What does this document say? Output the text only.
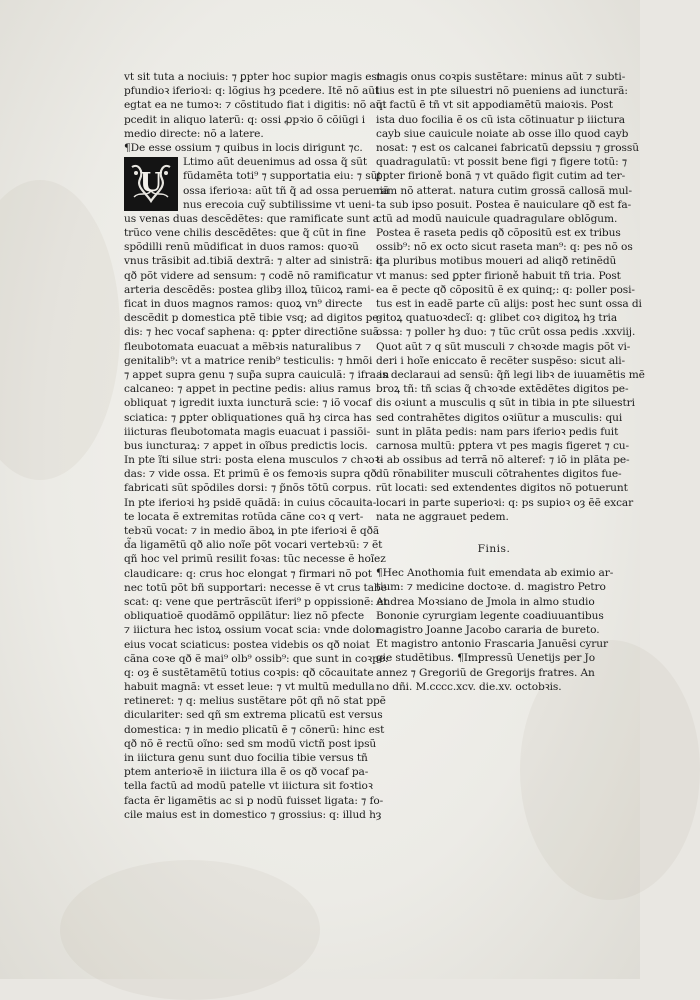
vt sit tuta a nociuis: ⁊ ꝑpter hoc supior magis est
pfundioꝛ iferioꝛi: q: lõgius hȝ pcedere. Itẽ nõ aũt
egtat ea ne tumoꝛ: ⁊ cõstitudo fiat i digitis: nõ aũt
pcedit in aliquo laterũ: q: ossi ꝓpꝛio õ cõiũgi i
medio directe: nõ a latere.
¶De esse ossium ⁊ quibus in locis dirigunt ⁊c.
U
Ltimo aũt deuenimus ad ossa q̃ sũt
fũdamẽta toti⁹ ⁊ supportatia eiu: ⁊ sũt
ossa iferioꝛa: aũt tñ q̃ ad ossa perueniã
nus erecoia cuỹ subtilissime vt ueni-
us venas duas descẽdẽtes: que ramificate sunt a
trũco vene chilis descẽdẽtes: que q̃ cũt in fine
spõdilli renũ mũdificat in duos ramos: quoꝛũ
vnus trãsibit ad.tibiã dextrã: ⁊ alter ad sinistrã: q
qð põt videre ad sensum: ⁊ codẽ nõ ramificatur
arteria descẽdẽs: postea glibȝ illoꝝ tũicoꝝ rami-
ficat in duos magnos ramos: quoꝝ vn⁹ directe
descẽdit p domestica ptẽ tibie vsq; ad digitos pe-
dis: ⁊ hec vocaf saphena: q: ꝑpter directiõne suã
fleubotomata euacuat a mẽbꝛis naturalibus ⁊
genitalib⁹: vt a matrice renib⁹ testiculis: ⁊ hmõi
⁊ appet supra genu ⁊ sup̃a supra cauiculã: ⁊ ifra in
calcaneo: ⁊ appet in pectine pedis: alius ramus
obliquat ⁊ igredit iuxta iuncturã scie: ⁊ iõ vocaf
sciatica: ⁊ ꝑpter obliquationes quã hȝ circa has
iiicturas fleubotomata magis euacuat i passiõi-
bus iuncturaꝝ: ⁊ appet in oĩbus predictis locis.
In pte ĩti silue stri: posta elena musculos ⁊ chꝛoꝛ-
das: ⁊ vide ossa. Et primũ ẽ os femoꝛis supra qð
fabricati sũt spõdiles dorsi: ⁊ p̃nõs tõtũ corpus.
In pte iferioꝛi hȝ psidẽ quãdã: in cuius cõcauita-
te locata ẽ extremitas rotũda cãne coꝛ q vert-
tebꝛũ vocat: ⁊ in medio ãboꝝ in pte iferioꝛi ẽ qðã
d̃a ligamẽtũ qð alio noĩe põt vocari vertebꝛũ: ⁊ ẽt
qñ hoc vel primũ resilit foꝛas: tũc necesse ẽ hoĩez
claudicare: q: crus hoc elongat ⁊ firmari nõ pot
nec totũ põt bñ supportari: necesse ẽ vt crus tabe
scat: q: vene que pertrãscũt iferi⁹ p oppissionẽ: et
obliquatioẽ quodãmõ oppilãtur: liez nõ pfecte
⁊ iiictura hec istoꝝ ossium vocat scia: vnde dolor
eius vocat sciaticus: postea videbis os qð noiat
cãna coꝛe qð ẽ mai⁹ olb⁹ ossib⁹: que sunt in coꝛpe:
q: oȝ ẽ sustẽtamẽtũ totius coꝛpis: qð cõcauitate
habuit magnã: vt esset leue: ⁊ vt multũ medulla
retineret: ⁊ q: melius sustẽtare põt qñ nõ stat ppẽ
diculariter: sed qñ sm extrema plicatũ est versus
domestica: ⁊ in medio plicatũ ẽ ⁊ cõnerũ: hinc est
qð nõ ẽ rectũ oĩno: sed sm modũ victñ post ipsũ
in iiictura genu sunt duo focilia tibie versus tñ
ptem anterioꝛẽ in iiictura illa ẽ os qð vocaf pa-
tella factũ ad modũ patelle vt iiictura sit foꝛtioꝛ
facta ẽr ligamẽtis ac si p nodũ fuisset ligata: ⁊ fo-
cile maius est in domestico ⁊ grossius: q: illud hȝ
magis onus coꝛpis sustẽtare: minus aũt ⁊ subti-
lius est in pte siluestri nõ pueniens ad iuncturã:
q: factũ ẽ tñ vt sit appodiamẽtũ maioꝛis. Post
ista duo focilia ẽ os cũ ista cõtinuatur p iiictura
cayb siue cauicule noiate ab osse illo quod cayb
nosat: ⁊ est os calcanei fabricatũ depssiu ⁊ grossũ
quadragulatũ: vt possit bene figi ⁊ figere totũ: ⁊
ꝑpter firioně bonã ⁊ vt quãdo figit cutim ad ter-
ram nõ atterat. natura cutim grossã callosã mul-
ta sub ipso posuit. Postea ẽ nauiculare qð est fa-
ctũ ad modũ nauicule quadragulare oblõgum.
Postea ẽ raseta pedis qð cõpositũ est ex tribus
ossib⁹: nõ ex octo sicut raseta man⁹: q: pes nõ os
ita pluribus motibus moueri ad aliqð retinẽdũ
vt manus: sed ꝑpter firioně habuit tñ tria. Post
ea ẽ pecte qð cõpositũ ẽ ex quinq;: q: poller posi-
tus est in eadẽ parte cũ alijs: post hec sunt ossa di
gitoꝝ quatuoꝛdecĩ: q: glibet coꝛ digitoꝝ hȝ tria
ossa: ⁊ poller hȝ duo: ⁊ tũc crũt ossa pedis .xxviij.
Quot aũt ⁊ q sũt musculi ⁊ chꝛoꝛde magis põt vi-
deri i hoĩe eniccato ẽ recẽter suspẽso: sicut ali-
as declaraui ad sensũ: q̃ñ legi libꝛ de iuuamẽtis mẽ
broꝝ tñ: tñ scias q̃ chꝛoꝛde extẽdẽtes digitos pe-
dis oꝛiunt a musculis q sũt in tibia in pte siluestri
sed contrahẽtes digitos oꝛiũtur a musculis: qui
sunt in plãta pedis: nam pars iferioꝛ pedis fuit
carnosa multũ: ꝑptera vt pes magis figeret ⁊ cu-
ti ab ossibus ad terrã nõ alteref: ⁊ iõ in plãta pe-
dũ rõnabiliter musculi cõtrahentes digitos fue-
rũt locati: sed extendentes digitos nõ potuerunt
locari in parte superioꝛi: q: ps supioꝛ oȝ ẽẽ excar
nata ne aggrauet pedem.
Finis.
¶Hec Anothomia fuit emendata ab eximio ar-
tium: ⁊ medicine doctoꝛe. d. magistro Petro
Andrea Moꝛsiano de Jmola in almo studio
Bononie cyrurgiam legente coadiuuantibus
magistro Joanne Jacobo cararia de bureto.
Et magistro antonio Frascaria Januẽsi cyrur
gie studẽtibus. ¶Impressũ Uenetijs per Jo
annez ⁊ Gregoriũ de Gregorijs fratres. An
no dñi. M.cccc.xcv. die.xv. octobꝛis.
